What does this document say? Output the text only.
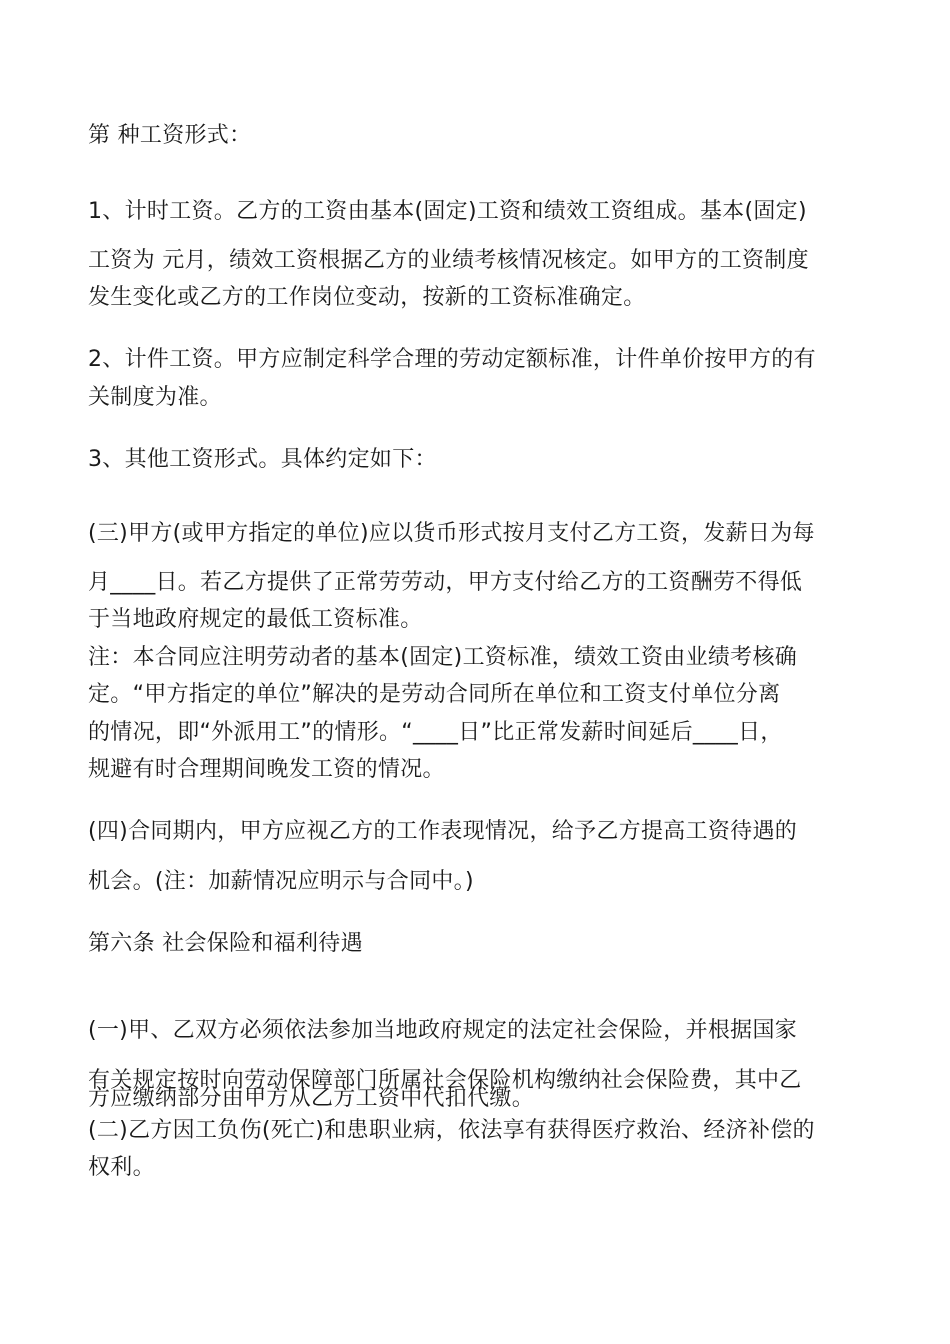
第 种工资形式：
1、计时工资。乙方的工资由基本(固定)工资和绩效工资组成。基本(固定)
工资为 元月，绩效工资根据乙方的业绩考核情况核定。如甲方的工资制度
发生变化或乙方的工作岗位变动，按新的工资标准确定。
2、计件工资。甲方应制定科学合理的劳动定额标准，计件单价按甲方的有
关制度为准。
3、其他工资形式。具体约定如下：
(三)甲方(或甲方指定的单位)应以货币形式按月支付乙方工资，发薪日为每
月____日。若乙方提供了正常劳劳动，甲方支付给乙方的工资酬劳不得低
于当地政府规定的最低工资标准。
注：本合同应注明劳动者的基本(固定)工资标准，绩效工资由业绩考核确
定。“甲方指定的单位”解决的是劳动合同所在单位和工资支付单位分离
的情况，即“外派用工”的情形。“____日”比正常发薪时间延后____日，
规避有时合理期间晚发工资的情况。
(四)合同期内，甲方应视乙方的工作表现情况，给予乙方提高工资待遇的
机会。(注：加薪情况应明示与合同中。)
第六条 社会保险和福利待遇
(一)甲、乙双方必须依法参加当地政府规定的法定社会保险，并根据国家
有关规定按时向劳动保障部门所属社会保险机构缴纳社会保险费，其中乙
方应缴纳部分由甲方从乙方工资中代扣代缴。
(二)乙方因工负伤(死亡)和患职业病，依法享有获得医疗救治、经济补偿的
权利。
